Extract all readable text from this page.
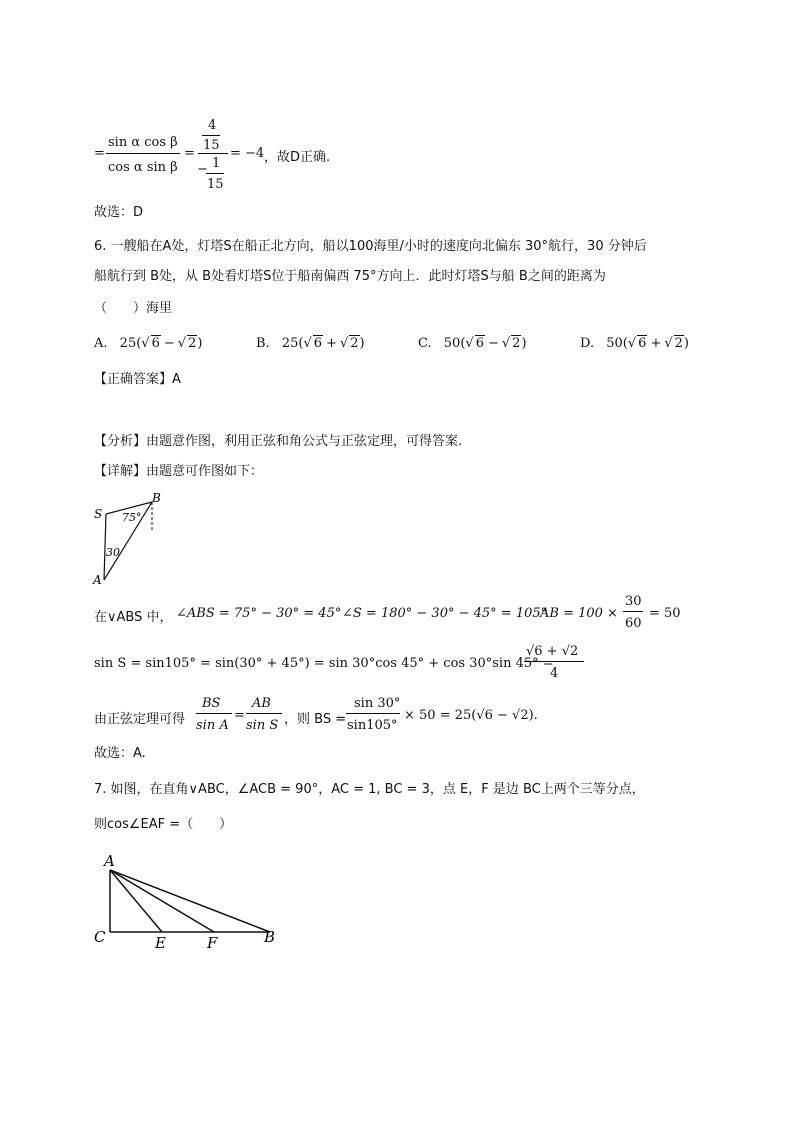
=
sin α cos β
cos α sin β
=
4
15
− 1
15
= −4 ，故D正确.
故选：D
6. 一艘船在A处，灯塔S在船正北方向，船以100海里/小时的速度向北偏东 30°航行，30 分钟后
船航行到 B处，从 B处看灯塔S位于船南偏西 75°方向上．此时灯塔S与船 B之间的距离为
（　　）海里
A. 25(√ 6 − √ 2)	B. 25(√ 6 + √ 2)	C. 50(√ 6 − √ 2)	D. 50(√ 6 + √ 2)
【正确答案】A
【分析】由题意作图，利用正弦和角公式与正弦定理，可得答案.
【详解】由题意可作图如下：
S
B
A
75°
30
在∨ABS 中， ∠ABS = 75° − 30° = 45° ∠S = 180° − 30° − 45° = 105°
AB = 100 ×
30
60
= 50
sin S = sin105° = sin(30° + 45°) = sin 30°cos 45° + cos 30°sin 45° =
√6 + √2
4
由正弦定理可得
BS
sin A
=
AB
sin S ，则 BS =
sin 30°
sin105°
× 50 = 25(√6 − √2).
故选：A.
7. 如图，在直角∨ABC，∠ACB = 90°，AC = 1, BC = 3，点 E，F 是边 BC上两个三等分点，
则cos∠EAF =（　　）
A
C	E	F	B
